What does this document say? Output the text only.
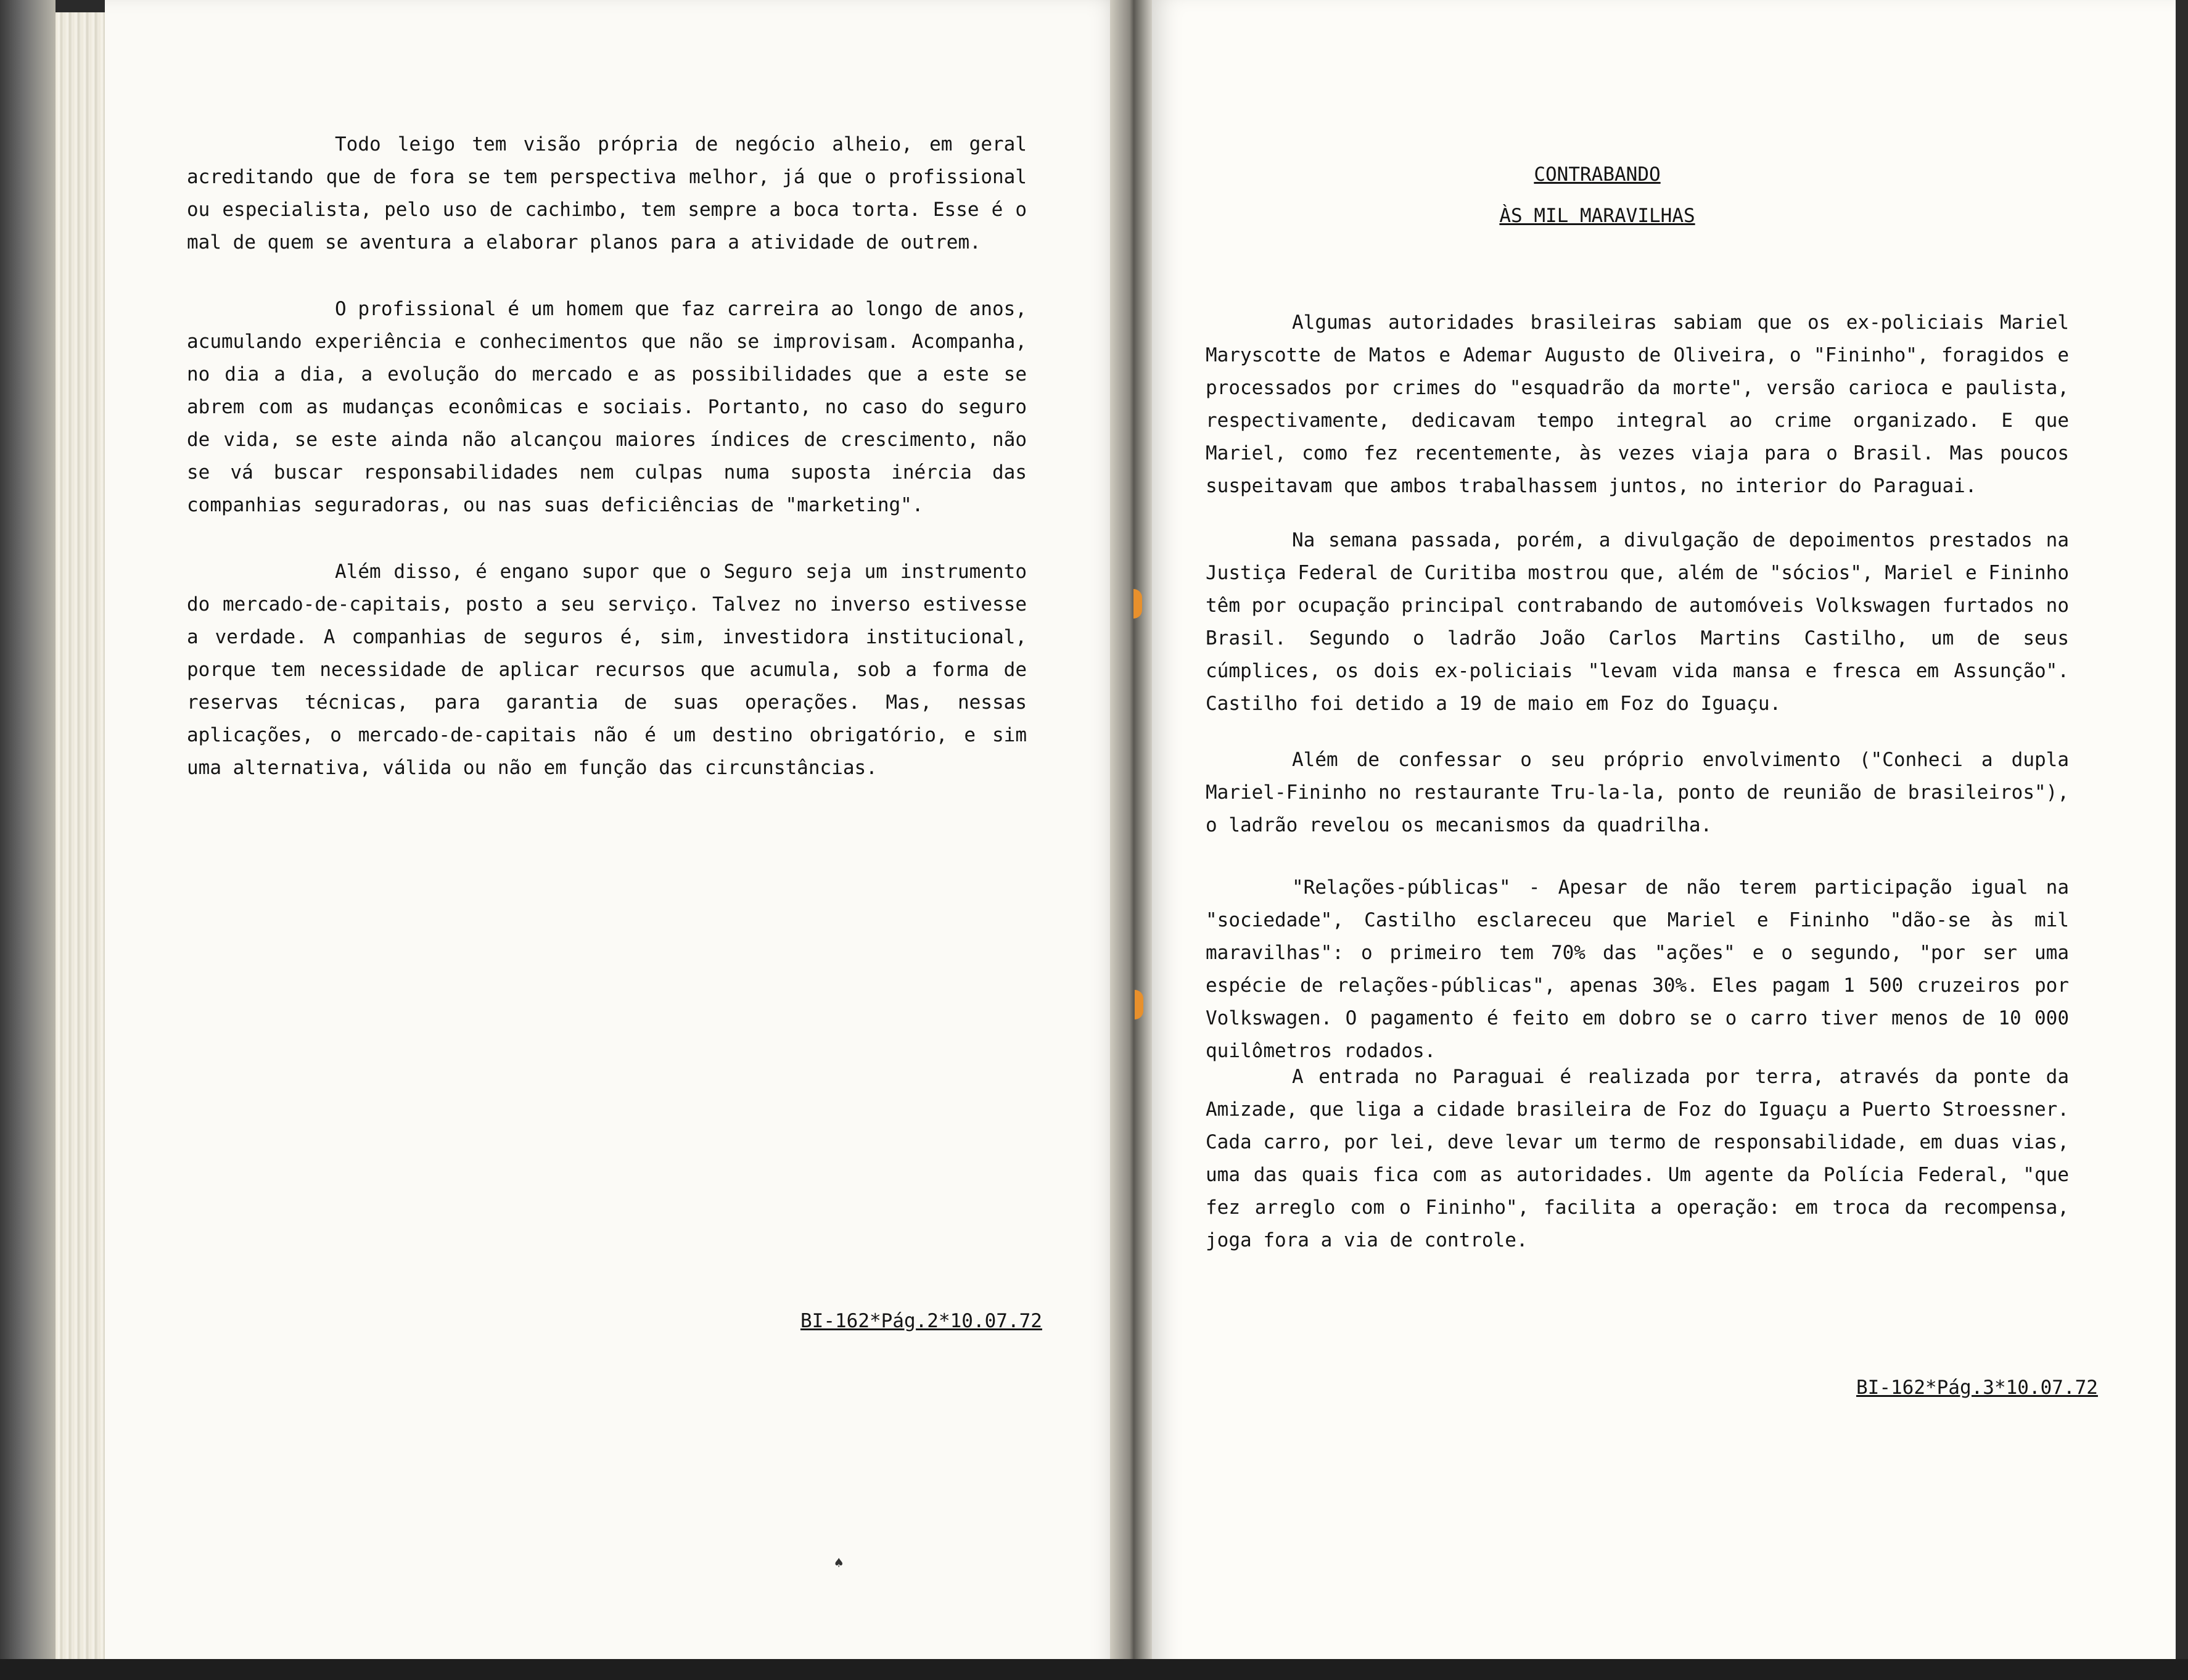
Todo leigo tem visão própria de negócio alheio, em geral acreditando que de fora se tem perspectiva melhor, já que o profissional ou especialista, pelo uso de cachimbo, tem sempre a boca torta. Esse é o mal de quem se aventura a elaborar planos para a atividade de outrem.

O profissional é um homem que faz carreira ao longo de anos, acumulando experiência e conhecimentos que não se improvisam. Acompanha, no dia a dia, a evolução do mercado e as possibilidades que a este se abrem com as mudanças econômicas e sociais. Portanto, no caso do seguro de vida, se este ainda não alcançou maiores índices de crescimento, não se vá buscar responsabilidades nem culpas numa suposta inércia das companhias seguradoras, ou nas suas deficiências de "marketing".

Além disso, é engano supor que o Seguro seja um instrumento do mercado-de-capitais, posto a seu serviço. Talvez no inverso estivesse a verdade. A companhias de seguros é, sim, investidora institucional, porque tem necessidade de aplicar recursos que acumula, sob a forma de reservas técnicas, para garantia de suas operações. Mas, nessas aplicações, o mercado-de-capitais não é um destino obrigatório, e sim uma alternativa, válida ou não em função das circunstâncias.

BI-162*Pág.2*10.07.72
♠
CONTRABANDO
ÀS MIL MARAVILHAS

Algumas autoridades brasileiras sabiam que os ex-policiais Mariel Maryscotte de Matos e Ademar Augusto de Oliveira, o "Fininho", foragidos e processados por crimes do "esquadrão da morte", versão carioca e paulista, respectivamente, dedicavam tempo integral ao crime organizado. E que Mariel, como fez recentemente, às vezes viaja para o Brasil. Mas poucos suspeitavam que ambos trabalhassem juntos, no interior do Paraguai.

Na semana passada, porém, a divulgação de depoimentos prestados na Justiça Federal de Curitiba mostrou que, além de "sócios", Mariel e Fininho têm por ocupação principal contrabando de automóveis Volkswagen furtados no Brasil. Segundo o ladrão João Carlos Martins Castilho, um de seus cúmplices, os dois ex-policiais "levam vida mansa e fresca em Assunção". Castilho foi detido a 19 de maio em Foz do Iguaçu.

Além de confessar o seu próprio envolvimento ("Conheci a dupla Mariel-Fininho no restaurante Tru-la-la, ponto de reunião de brasileiros"), o ladrão revelou os mecanismos da quadrilha.

"Relações-públicas" - Apesar de não terem participação igual na "sociedade", Castilho esclareceu que Mariel e Fininho "dão-se às mil maravilhas": o primeiro tem 70% das "ações" e o segundo, "por ser uma espécie de relações-públicas", apenas 30%. Eles pagam 1 500 cruzeiros por Volkswagen. O pagamento é feito em dobro se o carro tiver menos de 10 000 quilômetros rodados.

A entrada no Paraguai é realizada por terra, através da ponte da Amizade, que liga a cidade brasileira de Foz do Iguaçu a Puerto Stroessner. Cada carro, por lei, deve levar um termo de responsabilidade, em duas vias, uma das quais fica com as autoridades. Um agente da Polícia Federal, "que fez arreglo com o Fininho", facilita a operação: em troca da recompensa, joga fora a via de controle.

BI-162*Pág.3*10.07.72
